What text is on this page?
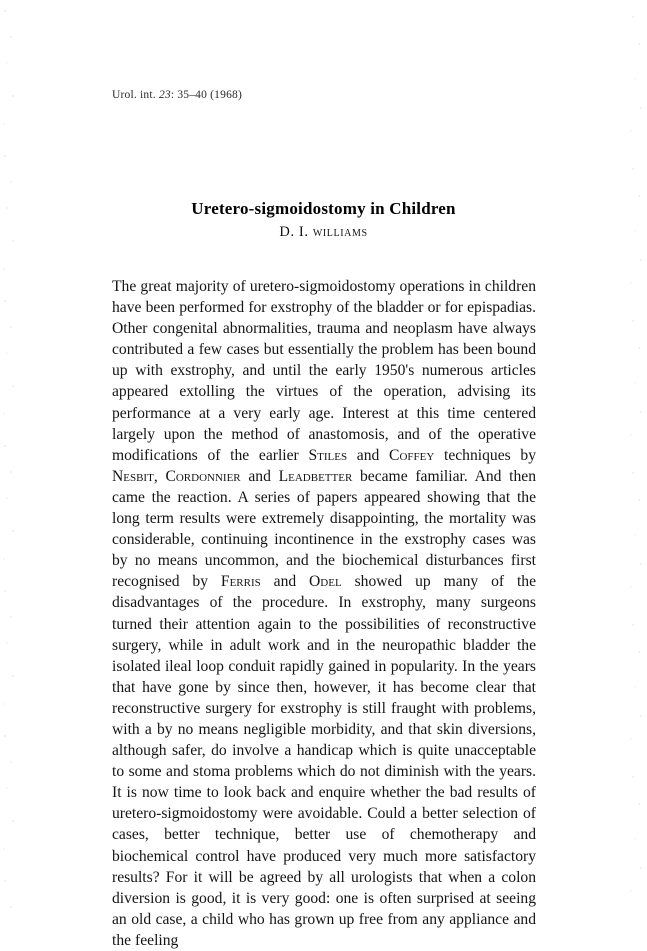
Urol. int. 23: 35–40 (1968)
Uretero-sigmoidostomy in Children
D. I. williams

The great majority of uretero-sigmoidostomy operations in children have been performed for exstrophy of the bladder or for epispadias. Other congenital abnormalities, trauma and neoplasm have always contributed a few cases but essentially the problem has been bound up with exstrophy, and until the early 1950's numerous articles appeared extolling the virtues of the operation, advising its performance at a very early age. Interest at this time centered largely upon the method of anastomosis, and of the operative modifications of the earlier Stiles and Coffey techniques by Nesbit, Cordonnier and Leadbetter became familiar. And then came the reaction. A series of papers appeared showing that the long term results were extremely disappointing, the mortality was considerable, continuing incontinence in the exstrophy cases was by no means uncommon, and the biochemical disturbances first recognised by Ferris and Odel showed up many of the disadvantages of the procedure. In exstrophy, many surgeons turned their attention again to the possibilities of reconstructive surgery, while in adult work and in the neuropathic bladder the isolated ileal loop conduit rapidly gained in popularity. In the years that have gone by since then, however, it has become clear that reconstructive surgery for exstrophy is still fraught with problems, with a by no means negligible morbidity, and that skin diversions, although safer, do involve a handicap which is quite unacceptable to some and stoma problems which do not diminish with the years. It is now time to look back and enquire whether the bad results of uretero-sigmoidostomy were avoidable. Could a better selection of cases, better technique, better use of chemotherapy and biochemical control have produced very much more satisfactory results? For it will be agreed by all urologists that when a colon diversion is good, it is very good: one is often surprised at seeing an old case, a child who has grown up free from any appliance and the feeling
